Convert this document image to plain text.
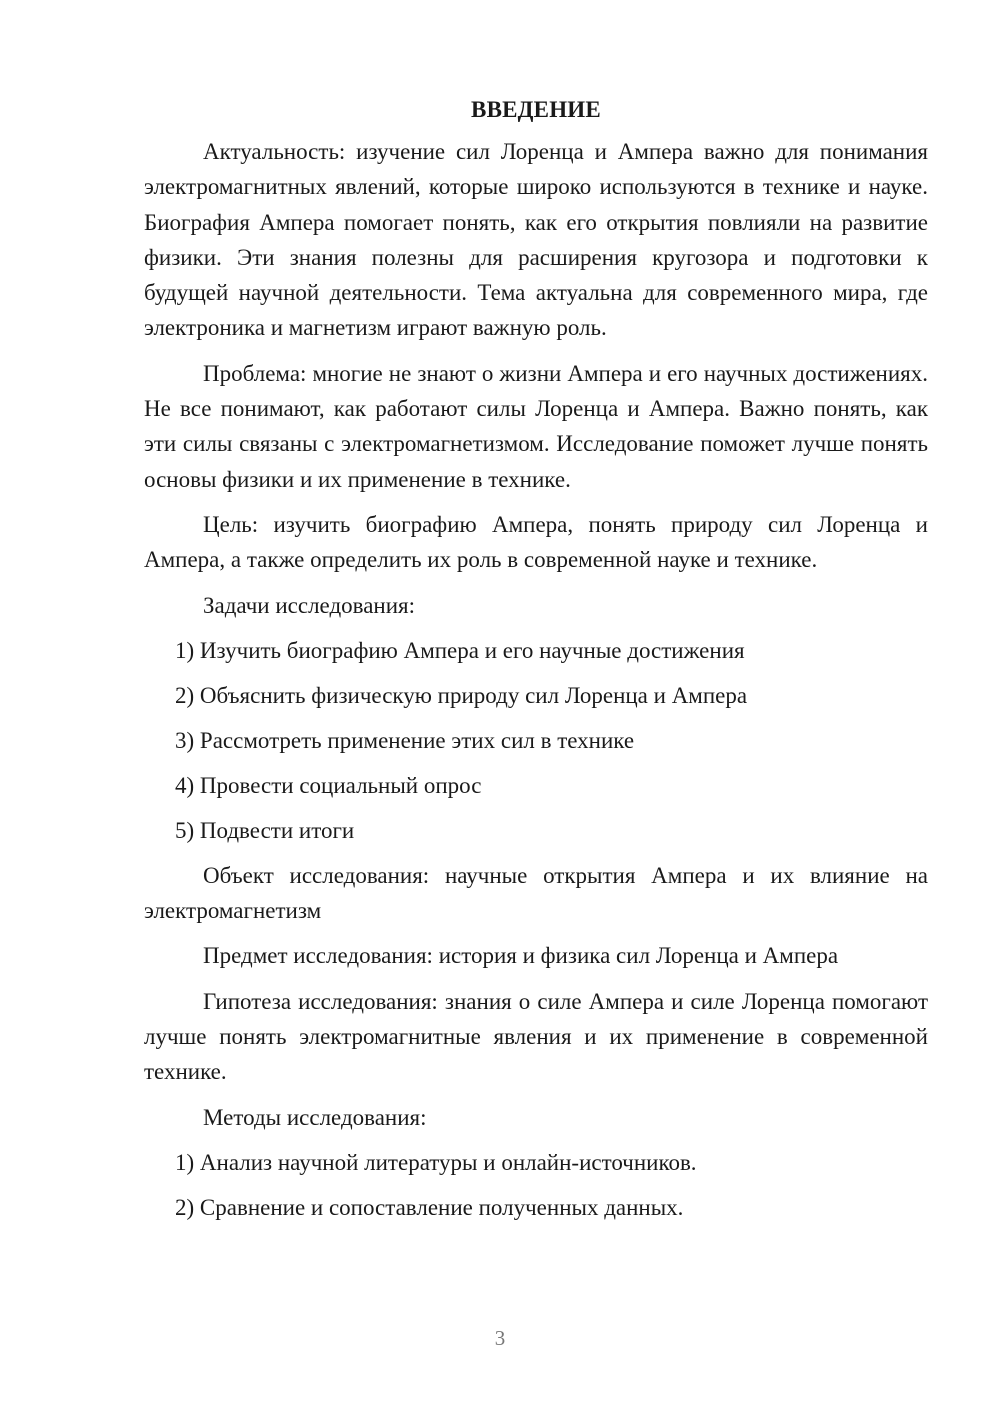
ВВЕДЕНИЕ

Актуальность: изучение сил Лоренца и Ампера важно для понимания электромагнитных явлений, которые широко используются в технике и науке. Биография Ампера помогает понять, как его открытия повлияли на развитие физики. Эти знания полезны для расширения кругозора и подготовки к будущей научной деятельности. Тема актуальна для современного мира, где электроника и магнетизм играют важную роль.

Проблема: многие не знают о жизни Ампера и его научных достижениях. Не все понимают, как работают силы Лоренца и Ампера. Важно понять, как эти силы связаны с электромагнетизмом. Исследование поможет лучше понять основы физики и их применение в технике.

Цель: изучить биографию Ампера, понять природу сил Лоренца и Ампера, а также определить их роль в современной науке и технике.

Задачи исследования:

1) Изучить биографию Ампера и его научные достижения
2) Объяснить физическую природу сил Лоренца и Ампера
3) Рассмотреть применение этих сил в технике
4) Провести социальный опрос
5) Подвести итоги

Объект исследования: научные открытия Ампера и их влияние на электромагнетизм

Предмет исследования: история и физика сил Лоренца и Ампера

Гипотеза исследования: знания о силе Ампера и силе Лоренца помогают лучше понять электромагнитные явления и их применение в современной технике.

Методы исследования:

1) Анализ научной литературы и онлайн-источников.
2) Сравнение и сопоставление полученных данных.
3
